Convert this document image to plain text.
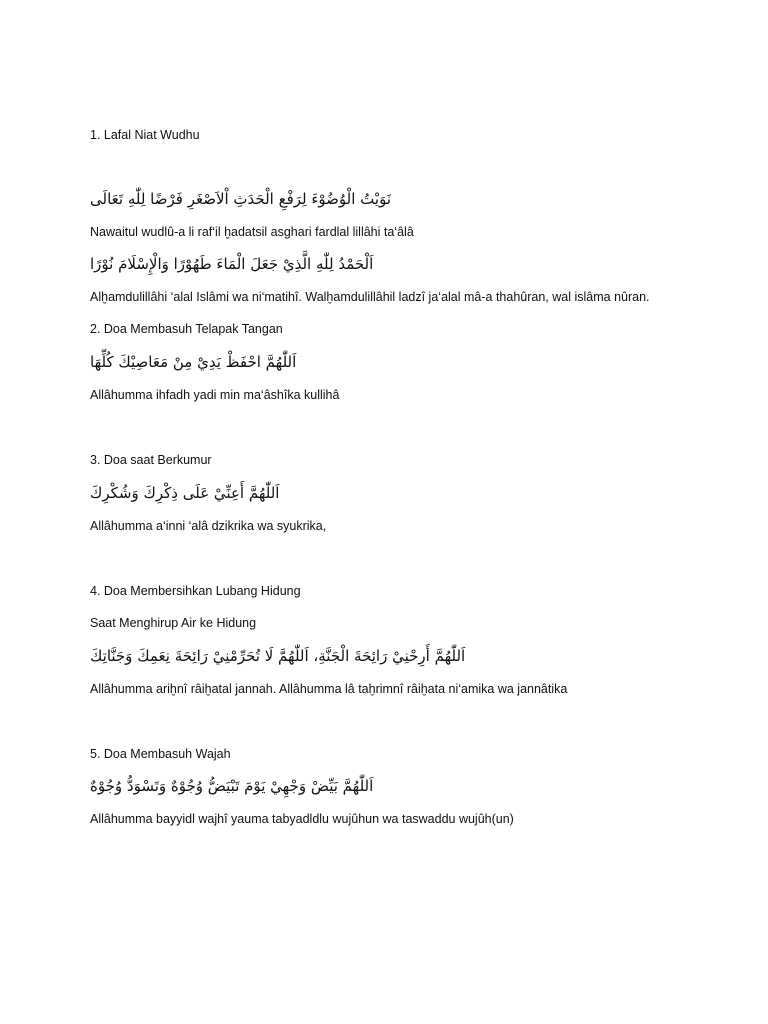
1. Lafal Niat Wudhu
نَوَيْتُ الْوُضُوْءَ لِرَفْعِ الْحَدَثِ اْلاَصْغَرِ فَرْضًا لِلّٰهِ تَعَالَى
Nawaitul wudlû-a li raf‘il ḫadatsil asghari fardlal lillâhi ta‘âlâ
اَلْحَمْدُ لِلّٰهِ الَّذِيْ جَعَلَ الْمَاءَ طَهُوْرًا وَالْإِسْلَامَ نُوْرًا
Alḫamdulillâhi ‘alal Islâmi wa ni‘matihî. Walḫamdulillâhil ladzî ja‘alal mâ-a thahûran, wal islâma nûran.
2. Doa Membasuh Telapak Tangan
اَللّٰهُمَّ احْفَظْ يَدِيْ مِنْ مَعَاصِيْكَ كُلِّهَا
Allâhumma ihfadh yadi min ma‘âshîka kullihâ
3. Doa saat Berkumur
اَللّٰهُمَّ أَعِنِّيْ عَلَى ذِكْرِكَ وَشُكْرِكَ
Allâhumma a‘inni ‘alâ dzikrika wa syukrika,
4. Doa Membersihkan Lubang Hidung
Saat Menghirup Air ke Hidung
اَللّٰهُمَّ أَرِحْنِيْ رَائِحَةَ الْجَنَّةِ، اَللّٰهُمَّ لَا تُحَرِّمْنِيْ رَائِحَةَ نِعَمِكَ وَجَنَّاتِكَ
Allâhumma ariḫnî râiḫatal jannah. Allâhumma lâ taḫrimnî râiḫata ni‘amika wa jannâtika
5. Doa Membasuh Wajah
اَللّٰهُمَّ بَيِّضْ وَجْهِيْ يَوْمَ تَبْيَضُّ وُجُوْهٌ وَتَسْوَدُّ وُجُوْهٌ
Allâhumma bayyidl wajhî yauma tabyadldlu wujûhun wa taswaddu wujûh(un)
